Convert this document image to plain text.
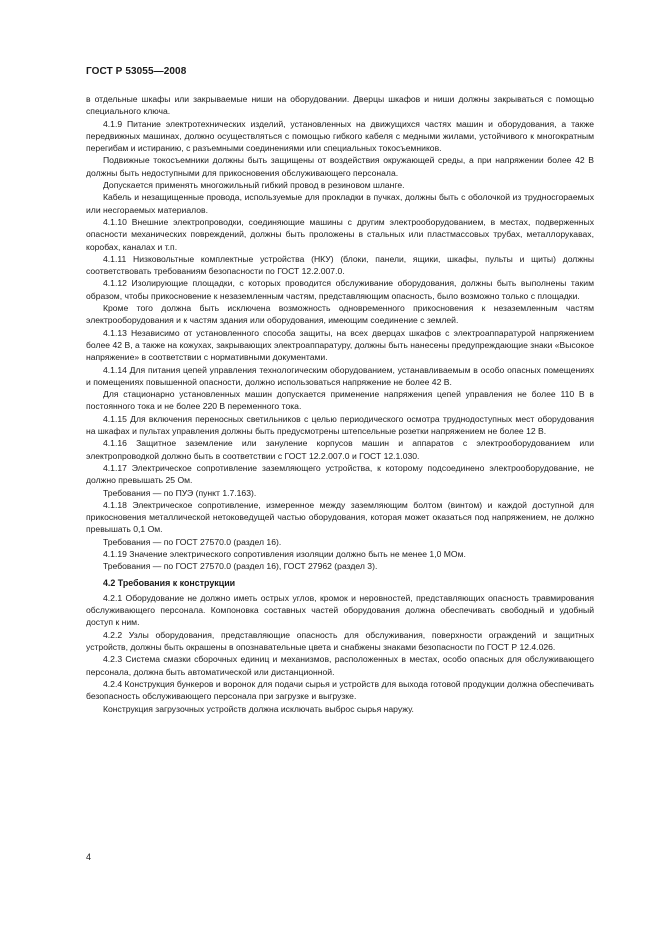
ГОСТ Р 53055—2008

в отдельные шкафы или закрываемые ниши на оборудовании. Дверцы шкафов и ниши должны закрываться с помощью специального ключа.

4.1.9 Питание электротехнических изделий, установленных на движущихся частях машин и оборудования, а также передвижных машинах, должно осуществляться с помощью гибкого кабеля с медными жилами, устойчивого к многократным перегибам и истиранию, с разъемными соединениями или специальных токосъемников.

Подвижные токосъемники должны быть защищены от воздействия окружающей среды, а при напряжении более 42 В должны быть недоступными для прикосновения обслуживающего персонала.

Допускается применять многожильный гибкий провод в резиновом шланге.

Кабель и незащищенные провода, используемые для прокладки в пучках, должны быть с оболочкой из трудносгораемых или несгораемых материалов.

4.1.10 Внешние электропроводки, соединяющие машины с другим электрооборудованием, в местах, подверженных опасности механических повреждений, должны быть проложены в стальных или пластмассовых трубах, металлорукавах, коробах, каналах и т.п.

4.1.11 Низковольтные комплектные устройства (НКУ) (блоки, панели, ящики, шкафы, пульты и щиты) должны соответствовать требованиям безопасности по ГОСТ 12.2.007.0.

4.1.12 Изолирующие площадки, с которых проводится обслуживание оборудования, должны быть выполнены таким образом, чтобы прикосновение к незаземленным частям, представляющим опасность, было возможно только с площадки.

Кроме того должна быть исключена возможность одновременного прикосновения к незаземленным частям электрооборудования и к частям здания или оборудования, имеющим соединение с землей.

4.1.13 Независимо от установленного способа защиты, на всех дверцах шкафов с электроаппаратурой напряжением более 42 В, а также на кожухах, закрывающих электроаппаратуру, должны быть нанесены предупреждающие знаки «Высокое напряжение» в соответствии с нормативными документами.

4.1.14 Для питания цепей управления технологическим оборудованием, устанавливаемым в особо опасных помещениях и помещениях повышенной опасности, должно использоваться напряжение не более 42 В.

Для стационарно установленных машин допускается применение напряжения цепей управления не более 110 В в постоянного тока и не более 220 В переменного тока.

4.1.15 Для включения переносных светильников с целью периодического осмотра труднодоступных мест оборудования на шкафах и пультах управления должны быть предусмотрены штепсельные розетки напряжением не более 12 В.

4.1.16 Защитное заземление или зануление корпусов машин и аппаратов с электрооборудованием или электропроводкой должно быть в соответствии с ГОСТ 12.2.007.0 и ГОСТ 12.1.030.

4.1.17 Электрическое сопротивление заземляющего устройства, к которому подсоединено электрооборудование, не должно превышать 25 Ом.

Требования — по ПУЭ (пункт 1.7.163).

4.1.18 Электрическое сопротивление, измеренное между заземляющим болтом (винтом) и каждой доступной для прикосновения металлической нетоковедущей частью оборудования, которая может оказаться под напряжением, не должно превышать 0,1 Ом.

Требования — по ГОСТ 27570.0 (раздел 16).

4.1.19 Значение электрического сопротивления изоляции должно быть не менее 1,0 МОм.

Требования — по ГОСТ 27570.0 (раздел 16), ГОСТ 27962 (раздел 3).

4.2 Требования к конструкции

4.2.1 Оборудование не должно иметь острых углов, кромок и неровностей, представляющих опасность травмирования обслуживающего персонала. Компоновка составных частей оборудования должна обеспечивать свободный и удобный доступ к ним.

4.2.2 Узлы оборудования, представляющие опасность для обслуживания, поверхности ограждений и защитных устройств, должны быть окрашены в опознавательные цвета и снабжены знаками безопасности по ГОСТ Р 12.4.026.

4.2.3 Система смазки сборочных единиц и механизмов, расположенных в местах, особо опасных для обслуживающего персонала, должна быть автоматической или дистанционной.

4.2.4 Конструкция бункеров и воронок для подачи сырья и устройств для выхода готовой продукции должна обеспечивать безопасность обслуживающего персонала при загрузке и выгрузке.

Конструкция загрузочных устройств должна исключать выброс сырья наружу.

4
